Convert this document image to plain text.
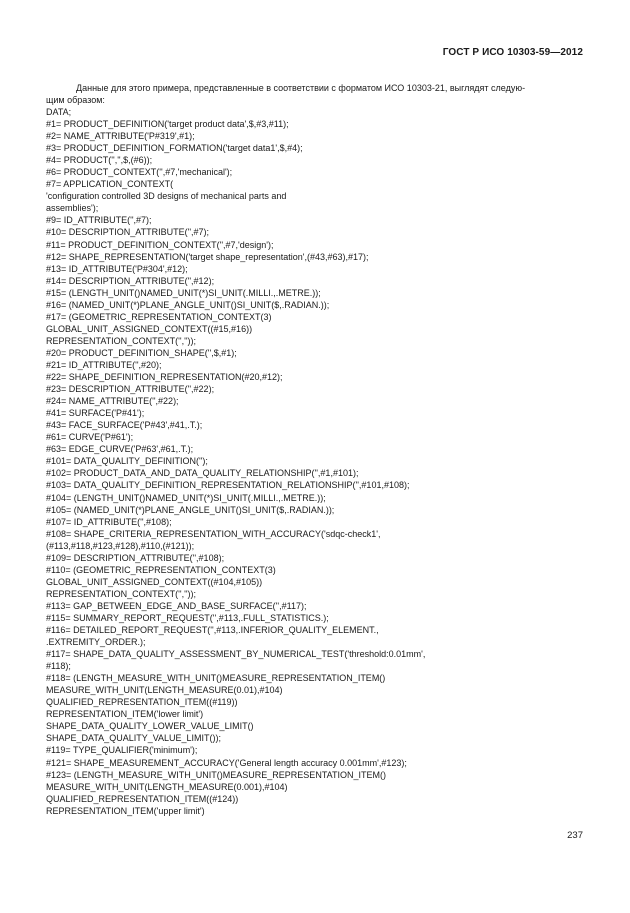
ГОСТ Р ИСО 10303-59—2012

Данные для этого примера, представленные в соответствии с форматом ИСО 10303-21, выглядят следую-

щим образом:
DATA;
#1= PRODUCT_DEFINITION('target product data',$,#3,#11);
#2= NAME_ATTRIBUTE('P#319',#1);
#3= PRODUCT_DEFINITION_FORMATION('target data1',$,#4);
#4= PRODUCT('','',$,(#6));
#6= PRODUCT_CONTEXT('',#7,'mechanical');
#7= APPLICATION_CONTEXT(
'configuration controlled 3D designs of mechanical parts and
assemblies');
#9= ID_ATTRIBUTE('',#7);
#10= DESCRIPTION_ATTRIBUTE('',#7);
#11= PRODUCT_DEFINITION_CONTEXT('',#7,'design');
#12= SHAPE_REPRESENTATION('target shape_representation',(#43,#63),#17);
#13= ID_ATTRIBUTE('P#304',#12);
#14= DESCRIPTION_ATTRIBUTE('',#12);
#15= (LENGTH_UNIT()NAMED_UNIT(*)SI_UNIT(.MILLI.,.METRE.));
#16= (NAMED_UNIT(*)PLANE_ANGLE_UNIT()SI_UNIT($,.RADIAN.));
#17= (GEOMETRIC_REPRESENTATION_CONTEXT(3)
GLOBAL_UNIT_ASSIGNED_CONTEXT((#15,#16))
REPRESENTATION_CONTEXT('',''));
#20= PRODUCT_DEFINITION_SHAPE('',$,#1);
#21= ID_ATTRIBUTE('',#20);
#22= SHAPE_DEFINITION_REPRESENTATION(#20,#12);
#23= DESCRIPTION_ATTRIBUTE('',#22);
#24= NAME_ATTRIBUTE('',#22);
#41= SURFACE('P#41');
#43= FACE_SURFACE('P#43',#41,.T.);
#61= CURVE('P#61');
#63= EDGE_CURVE('P#63',#61,.T.);
#101= DATA_QUALITY_DEFINITION('');
#102= PRODUCT_DATA_AND_DATA_QUALITY_RELATIONSHIP('',#1,#101);
#103= DATA_QUALITY_DEFINITION_REPRESENTATION_RELATIONSHIP('',#101,#108);
#104= (LENGTH_UNIT()NAMED_UNIT(*)SI_UNIT(.MILLI.,.METRE.));
#105= (NAMED_UNIT(*)PLANE_ANGLE_UNIT()SI_UNIT($,.RADIAN.));
#107= ID_ATTRIBUTE('',#108);
#108= SHAPE_CRITERIA_REPRESENTATION_WITH_ACCURACY('sdqc-check1',
(#113,#118,#123,#128),#110,(#121));
#109= DESCRIPTION_ATTRIBUTE('',#108);
#110= (GEOMETRIC_REPRESENTATION_CONTEXT(3)
GLOBAL_UNIT_ASSIGNED_CONTEXT((#104,#105))
REPRESENTATION_CONTEXT('',''));
#113= GAP_BETWEEN_EDGE_AND_BASE_SURFACE('',#117);
#115= SUMMARY_REPORT_REQUEST('',#113,.FULL_STATISTICS.);
#116= DETAILED_REPORT_REQUEST('',#113,.INFERIOR_QUALITY_ELEMENT.,
.EXTREMITY_ORDER.);
#117= SHAPE_DATA_QUALITY_ASSESSMENT_BY_NUMERICAL_TEST('threshold:0.01mm',
#118);
#118= (LENGTH_MEASURE_WITH_UNIT()MEASURE_REPRESENTATION_ITEM()
MEASURE_WITH_UNIT(LENGTH_MEASURE(0.01),#104)
QUALIFIED_REPRESENTATION_ITEM((#119))
REPRESENTATION_ITEM('lower limit')
SHAPE_DATA_QUALITY_LOWER_VALUE_LIMIT()
SHAPE_DATA_QUALITY_VALUE_LIMIT());
#119= TYPE_QUALIFIER('minimum');
#121= SHAPE_MEASUREMENT_ACCURACY('General length accuracy 0.001mm',#123);
#123= (LENGTH_MEASURE_WITH_UNIT()MEASURE_REPRESENTATION_ITEM()
MEASURE_WITH_UNIT(LENGTH_MEASURE(0.001),#104)
QUALIFIED_REPRESENTATION_ITEM((#124))
REPRESENTATION_ITEM('upper limit')
237
